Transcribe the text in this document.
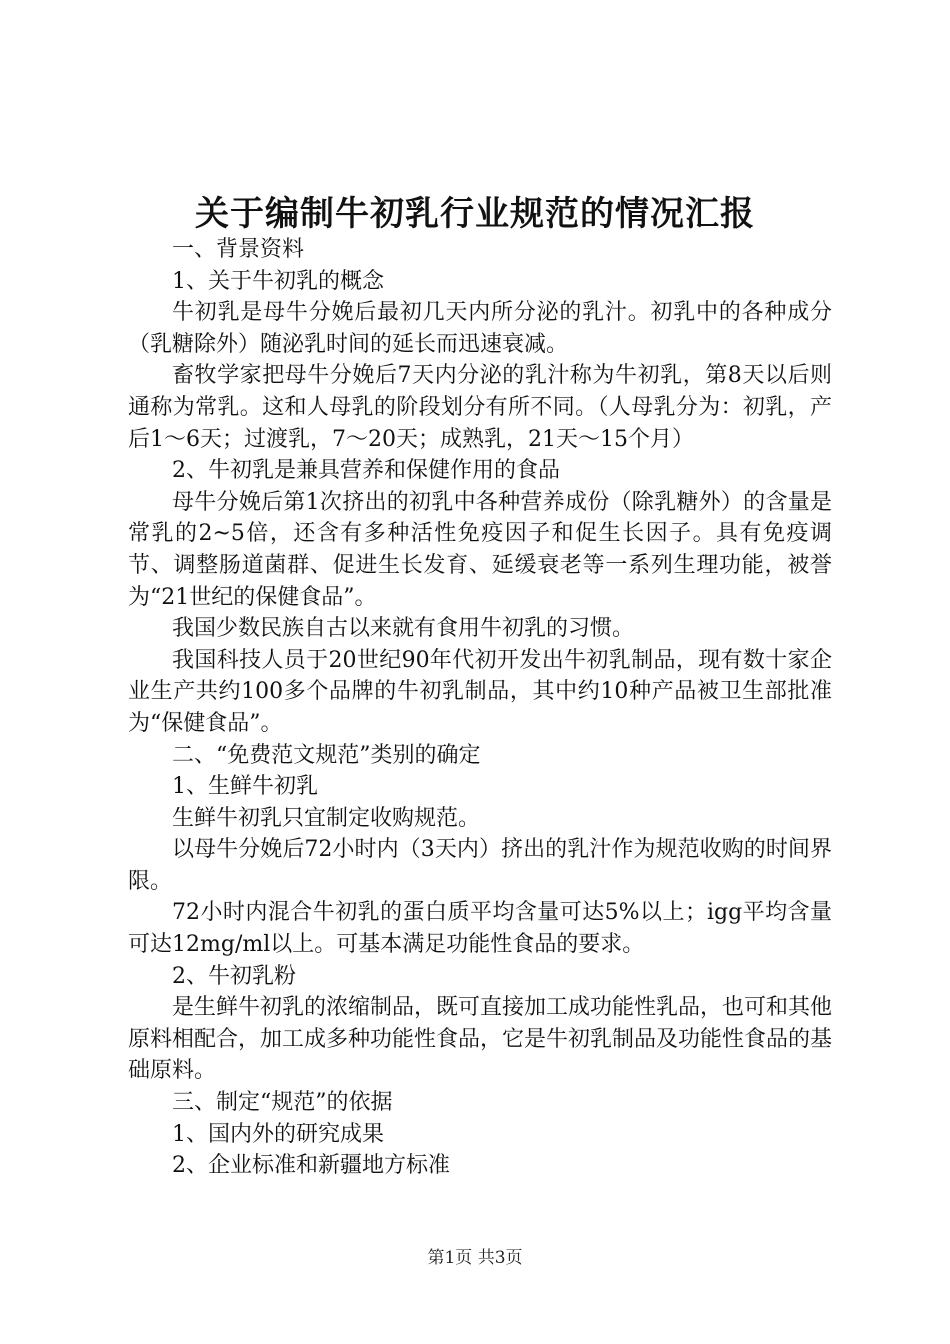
关于编制牛初乳行业规范的情况汇报

一、背景资料

1、关于牛初乳的概念

牛初乳是母牛分娩后最初几天内所分泌的乳汁。初乳中的各种成分（乳糖除外）随泌乳时间的延长而迅速衰减。

畜牧学家把母牛分娩后7天内分泌的乳汁称为牛初乳，第8天以后则通称为常乳。这和人母乳的阶段划分有所不同。（人母乳分为：初乳，产后1～6天；过渡乳，7～20天；成熟乳，21天～15个月）

2、牛初乳是兼具营养和保健作用的食品

母牛分娩后第1次挤出的初乳中各种营养成份（除乳糖外）的含量是常乳的2~5倍，还含有多种活性免疫因子和促生长因子。具有免疫调节、调整肠道菌群、促进生长发育、延缓衰老等一系列生理功能，被誉为“21世纪的保健食品”。

我国少数民族自古以来就有食用牛初乳的习惯。

我国科技人员于20世纪90年代初开发出牛初乳制品，现有数十家企业生产共约100多个品牌的牛初乳制品，其中约10种产品被卫生部批准为“保健食品”。

二、“免费范文规范”类别的确定

1、生鲜牛初乳

生鲜牛初乳只宜制定收购规范。

以母牛分娩后72小时内（3天内）挤出的乳汁作为规范收购的时间界限。

72小时内混合牛初乳的蛋白质平均含量可达5%以上；igg平均含量可达12mg/ml以上。可基本满足功能性食品的要求。

2、牛初乳粉

是生鲜牛初乳的浓缩制品，既可直接加工成功能性乳品，也可和其他原料相配合，加工成多种功能性食品，它是牛初乳制品及功能性食品的基础原料。

三、制定“规范”的依据

1、国内外的研究成果

2、企业标准和新疆地方标准

第1页 共3页
